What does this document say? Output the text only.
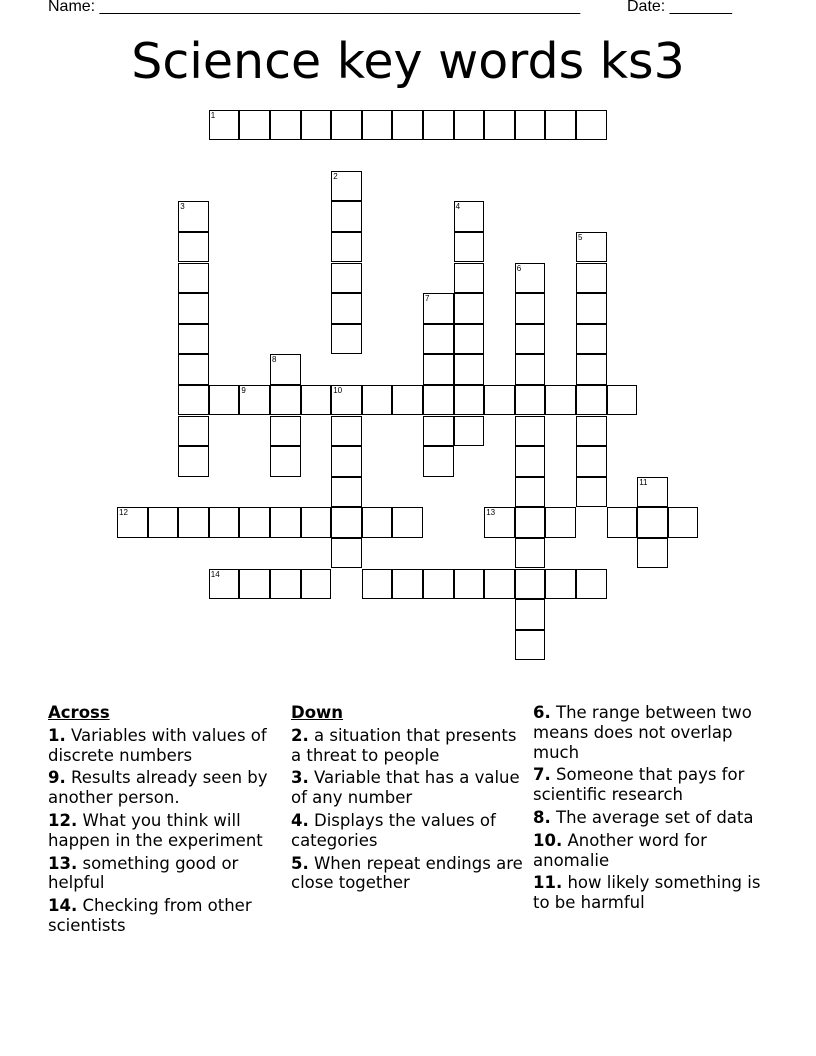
Name: ______________________________________________________	Date: _______
Science key words ks3
1
2
3	4
5
6
7
8
9	10
11
12	13
14
Across
1. Variables with values of discrete numbers
9. Results already seen by another person.
12. What you think will happen in the experiment
13. something good or helpful
14. Checking from other scientists
Down
2. a situation that presents a threat to people
3. Variable that has a value of any number
4. Displays the values of categories
5. When repeat endings are close together
6. The range between two means does not overlap much
7. Someone that pays for scientific research
8. The average set of data
10. Another word for anomalie
11. how likely something is to be harmful
